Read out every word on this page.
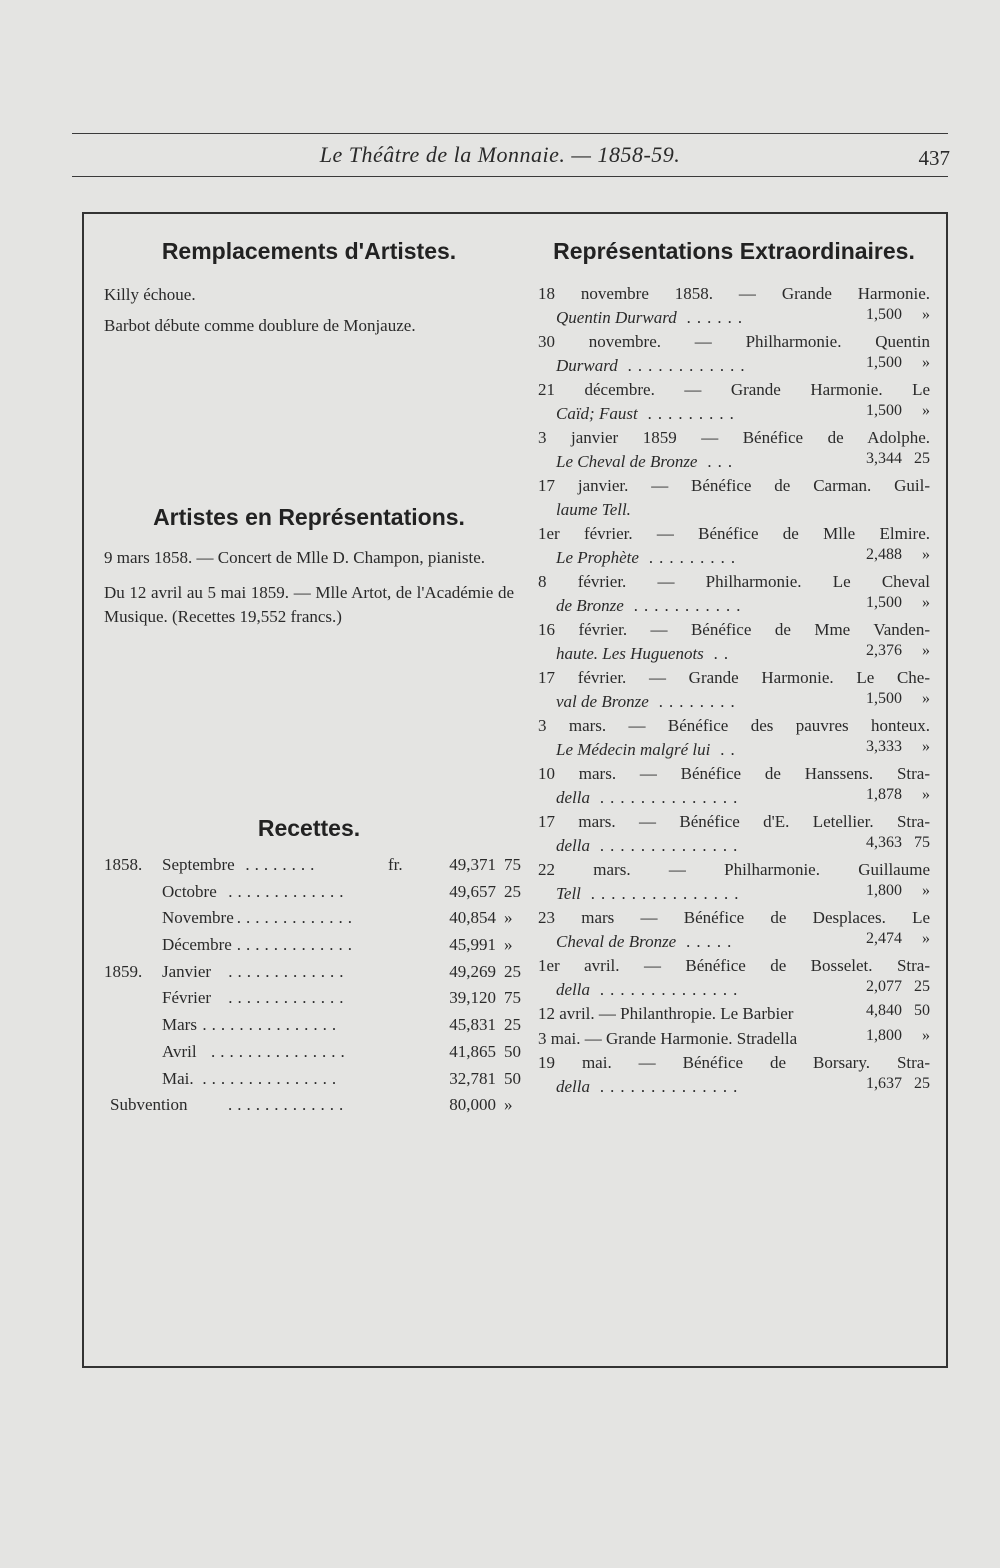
Le Théâtre de la Monnaie. — 1858-59.	437
Remplacements d'Artistes.

Killy échoue.

Barbot débute comme doublure de Monjauze.

Artistes en Représentations.

9 mars 1858. — Concert de Mlle D. Champon, pianiste.

Du 12 avril au 5 mai 1859. — Mlle Artot, de l'Académie de Musique. (Recettes 19,552 francs.)

Recettes.
1858. Septembre ........	fr.	49,371 75
Octobre .............	49,657 25
Novembre .............	40,854 »
Décembre .............	45,991 »
1859. Janvier .............	49,269 25
Février .............	39,120 75
Mars ...............	45,831 25
Avril ...............	41,865 50
Mai. ...............	32,781 50
Subvention .............	80,000 »
Représentations Extraordinaires.
18 novembre 1858. — Grande Harmonie.
Quentin Durward ......	1,500 »
30 novembre. — Philharmonie. Quentin
Durward ............	1,500 »
21 décembre. — Grande Harmonie. Le
Caïd; Faust .........	1,500 »
3 janvier 1859 — Bénéfice de Adolphe.
Le Cheval de Bronze ...	3,344 25
17 janvier. — Bénéfice de Carman. Guil-
laume Tell.
1er février. — Bénéfice de Mlle Elmire.
Le Prophète .........	2,488 »
8 février. — Philharmonie. Le Cheval
de Bronze ...........	1,500 »
16 février. — Bénéfice de Mme Vanden-
haute. Les Huguenots ..	2,376 »
17 février. — Grande Harmonie. Le Che-
val de Bronze ........	1,500 »
3 mars. — Bénéfice des pauvres honteux.
Le Médecin malgré lui ..	3,333 »
10 mars. — Bénéfice de Hanssens. Stra-
della ..............	1,878 »
17 mars. — Bénéfice d'E. Letellier. Stra-
della ..............	4,363 75
22 mars. — Philharmonie. Guillaume
Tell ...............	1,800 »
23 mars — Bénéfice de Desplaces. Le
Cheval de Bronze .....	2,474 »
1er avril. — Bénéfice de Bosselet. Stra-
della ..............	2,077 25
12 avril. — Philanthropie. Le Barbier	4,840 50
3 mai. — Grande Harmonie. Stradella	1,800 »
19 mai. — Bénéfice de Borsary. Stra-
della ..............	1,637 25
